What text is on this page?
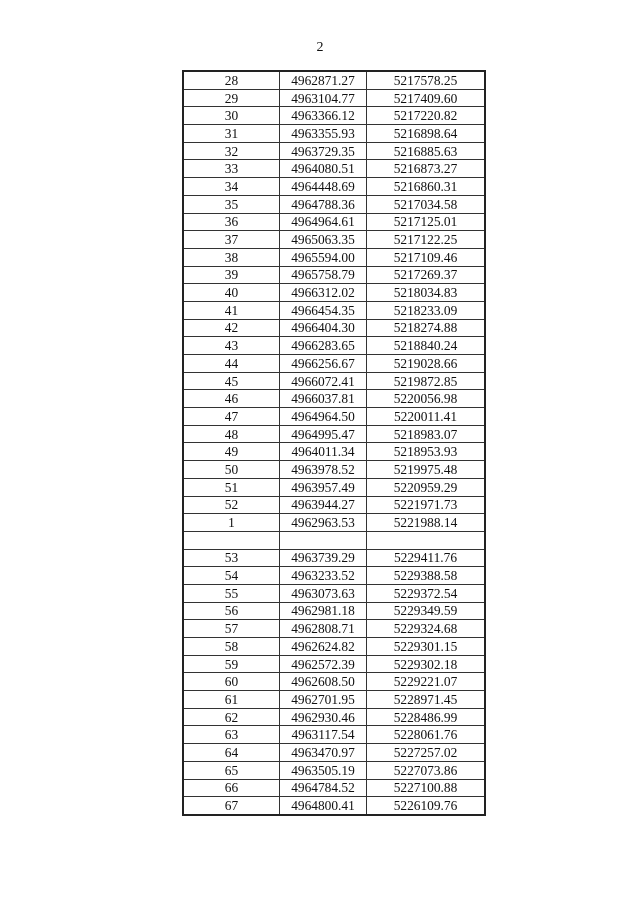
2
28	4962871.27	5217578.25
29	4963104.77	5217409.60
30	4963366.12	5217220.82
31	4963355.93	5216898.64
32	4963729.35	5216885.63
33	4964080.51	5216873.27
34	4964448.69	5216860.31
35	4964788.36	5217034.58
36	4964964.61	5217125.01
37	4965063.35	5217122.25
38	4965594.00	5217109.46
39	4965758.79	5217269.37
40	4966312.02	5218034.83
41	4966454.35	5218233.09
42	4966404.30	5218274.88
43	4966283.65	5218840.24
44	4966256.67	5219028.66
45	4966072.41	5219872.85
46	4966037.81	5220056.98
47	4964964.50	5220011.41
48	4964995.47	5218983.07
49	4964011.34	5218953.93
50	4963978.52	5219975.48
51	4963957.49	5220959.29
52	4963944.27	5221971.73
1	4962963.53	5221988.14

53	4963739.29	5229411.76
54	4963233.52	5229388.58
55	4963073.63	5229372.54
56	4962981.18	5229349.59
57	4962808.71	5229324.68
58	4962624.82	5229301.15
59	4962572.39	5229302.18
60	4962608.50	5229221.07
61	4962701.95	5228971.45
62	4962930.46	5228486.99
63	4963117.54	5228061.76
64	4963470.97	5227257.02
65	4963505.19	5227073.86
66	4964784.52	5227100.88
67	4964800.41	5226109.76
